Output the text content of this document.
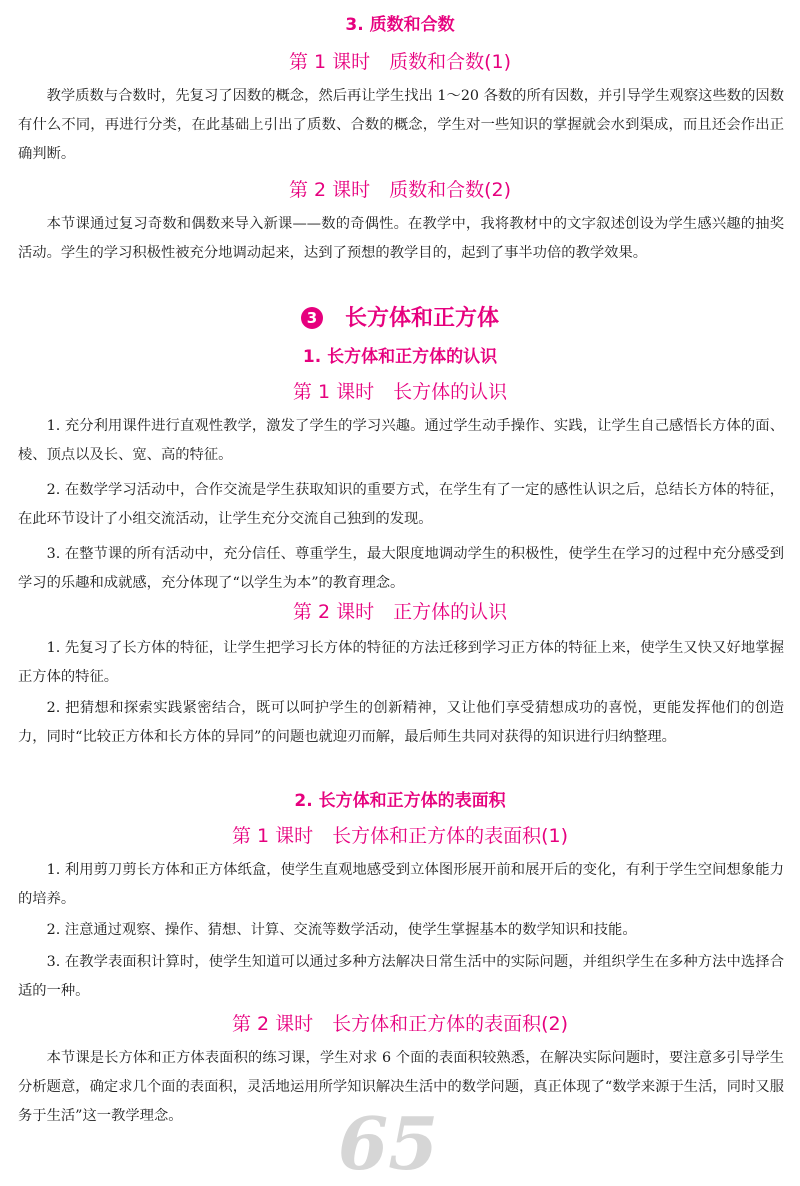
3. 质数和合数
第 1 课时　质数和合数(1)

教学质数与合数时，先复习了因数的概念，然后再让学生找出 1～20 各数的所有因数，并引导学生观察这些数的因数有什么不同，再进行分类，在此基础上引出了质数、合数的概念，学生对一些知识的掌握就会水到渠成，而且还会作出正确判断。

第 2 课时　质数和合数(2)

本节课通过复习奇数和偶数来导入新课——数的奇偶性。在教学中，我将教材中的文字叙述创设为学生感兴趣的抽奖活动。学生的学习积极性被充分地调动起来，达到了预想的教学目的，起到了事半功倍的教学效果。

3 长方体和正方体
1. 长方体和正方体的认识
第 1 课时　长方体的认识

1. 充分利用课件进行直观性教学，激发了学生的学习兴趣。通过学生动手操作、实践，让学生自己感悟长方体的面、棱、顶点以及长、宽、高的特征。

2. 在数学学习活动中，合作交流是学生获取知识的重要方式，在学生有了一定的感性认识之后，总结长方体的特征，在此环节设计了小组交流活动，让学生充分交流自己独到的发现。

3. 在整节课的所有活动中，充分信任、尊重学生，最大限度地调动学生的积极性，使学生在学习的过程中充分感受到学习的乐趣和成就感，充分体现了“以学生为本”的教育理念。

第 2 课时　正方体的认识

1. 先复习了长方体的特征，让学生把学习长方体的特征的方法迁移到学习正方体的特征上来，使学生又快又好地掌握正方体的特征。

2. 把猜想和探索实践紧密结合，既可以呵护学生的创新精神，又让他们享受猜想成功的喜悦，更能发挥他们的创造力，同时“比较正方体和长方体的异同”的问题也就迎刃而解，最后师生共同对获得的知识进行归纳整理。

2. 长方体和正方体的表面积
第 1 课时　长方体和正方体的表面积(1)

1. 利用剪刀剪长方体和正方体纸盒，使学生直观地感受到立体图形展开前和展开后的变化，有利于学生空间想象能力的培养。

2. 注意通过观察、操作、猜想、计算、交流等数学活动，使学生掌握基本的数学知识和技能。

3. 在教学表面积计算时，使学生知道可以通过多种方法解决日常生活中的实际问题，并组织学生在多种方法中选择合适的一种。

第 2 课时　长方体和正方体的表面积(2)

本节课是长方体和正方体表面积的练习课，学生对求 6 个面的表面积较熟悉，在解决实际问题时，要注意多引导学生分析题意，确定求几个面的表面积，灵活地运用所学知识解决生活中的数学问题，真正体现了“数学来源于生活，同时又服务于生活”这一教学理念。	65
